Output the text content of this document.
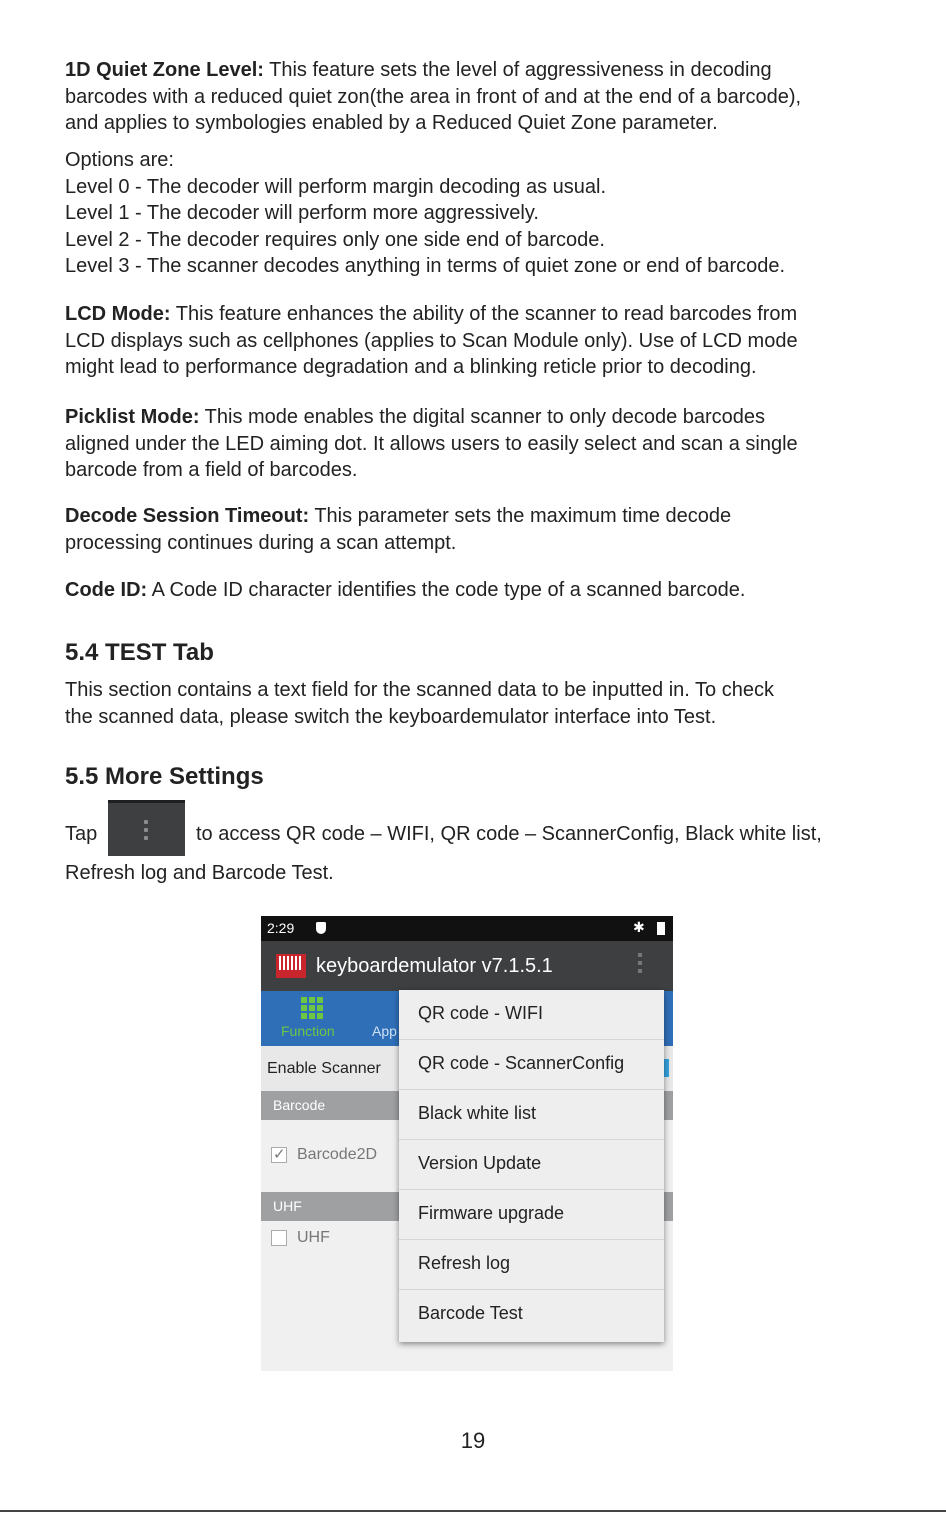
1D Quiet Zone Level: This feature sets the level of aggressiveness in decoding
barcodes with a reduced quiet zon(the area in front of and at the end of a barcode),
and applies to symbologies enabled by a Reduced Quiet Zone parameter.

Options are:
Level 0 - The decoder will perform margin decoding as usual.
Level 1 - The decoder will perform more aggressively.
Level 2 - The decoder requires only one side end of barcode.
Level 3 - The scanner decodes anything in terms of quiet zone or end of barcode.

LCD Mode: This feature enhances the ability of the scanner to read barcodes from
LCD displays such as cellphones (applies to Scan Module only). Use of LCD mode
might lead to performance degradation and a blinking reticle prior to decoding.

Picklist Mode: This mode enables the digital scanner to only decode barcodes
aligned under the LED aiming dot. It allows users to easily select and scan a single
barcode from a field of barcodes.

Decode Session Timeout: This parameter sets the maximum time decode
processing continues during a scan attempt.

Code ID: A Code ID character identifies the code type of a scanned barcode.

5.4 TEST Tab

This section contains a text field for the scanned data to be inputted in. To check
the scanned data, please switch the keyboardemulator interface into Test.

5.5 More Settings
Tap	to access QR code – WIFI, QR code – ScannerConfig, Black white list,

Refresh log and Barcode Test.

2:29	✱
keyboardemulator v7.1.5.1
Function	App
Enable Scanner
Barcode
✓
Barcode2D
UHF
UHF
QR code - WIFI
QR code - ScannerConfig
Black white list
Version Update
Firmware upgrade
Refresh log
Barcode Test
19
